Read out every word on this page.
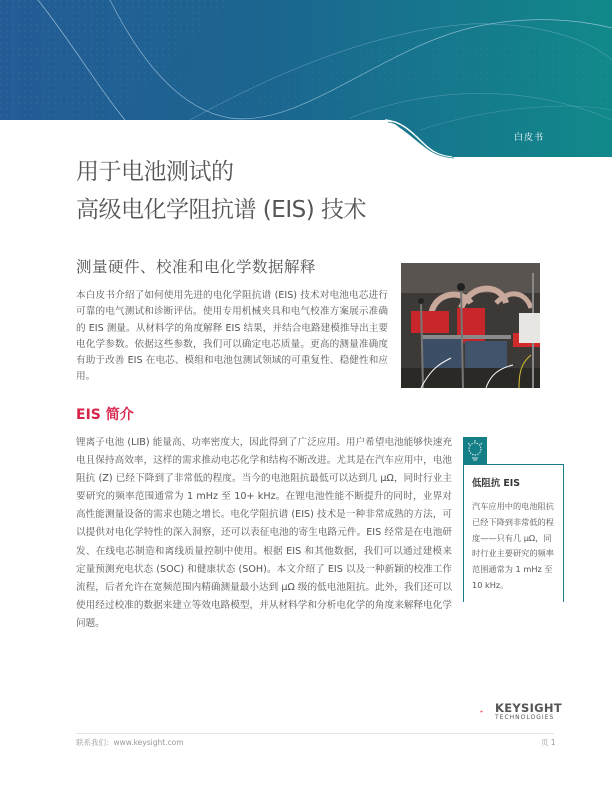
白皮书
用于电池测试的
高级电化学阻抗谱 (EIS) 技术
测量硬件、校准和电化学数据解释

本白皮书介绍了如何使用先进的电化学阻抗谱 (EIS) 技术对电池电芯进行可靠的电气测试和诊断评估。使用专用机械夹具和电气校准方案展示准确的 EIS 测量。从材料学的角度解释 EIS 结果，并结合电路建模推导出主要电化学参数。依据这些参数，我们可以确定电芯质量。更高的测量准确度有助于改善 EIS 在电芯、模组和电池包测试领域的可重复性、稳健性和应用。

EIS 简介

锂离子电池 (LIB) 能量高、功率密度大，因此得到了广泛应用。用户希望电池能够快速充电且保持高效率，这样的需求推动电芯化学和结构不断改进。尤其是在汽车应用中，电池阻抗 (Z) 已经下降到了非常低的程度。当今的电池阻抗最低可以达到几 μΩ，同时行业主要研究的频率范围通常为 1 mHz 至 10+ kHz。在锂电池性能不断提升的同时，业界对高性能测量设备的需求也随之增长。电化学阻抗谱 (EIS) 技术是一种非常成熟的方法，可以提供对电化学特性的深入洞察，还可以表征电池的寄生电路元件。EIS 经常是在电池研发、在线电芯制造和离线质量控制中使用。根据 EIS 和其他数据，我们可以通过建模来定量预测充电状态 (SOC) 和健康状态 (SOH)。本文介绍了 EIS 以及一种新颖的校准工作流程，后者允许在宽频范围内精确测量最小达到 μΩ 级的低电池阻抗。此外，我们还可以使用经过校准的数据来建立等效电路模型，并从材料学和分析电化学的角度来解释电化学问题。

低阻抗 EIS
汽车应用中的电池阻抗已经下降到非常低的程度——只有几 μΩ，同时行业主要研究的频率范围通常为 1 mHz 至 10 kHz。
KEYSIGHT
TECHNOLOGIES
联系我们：www.keysight.com	页 1
